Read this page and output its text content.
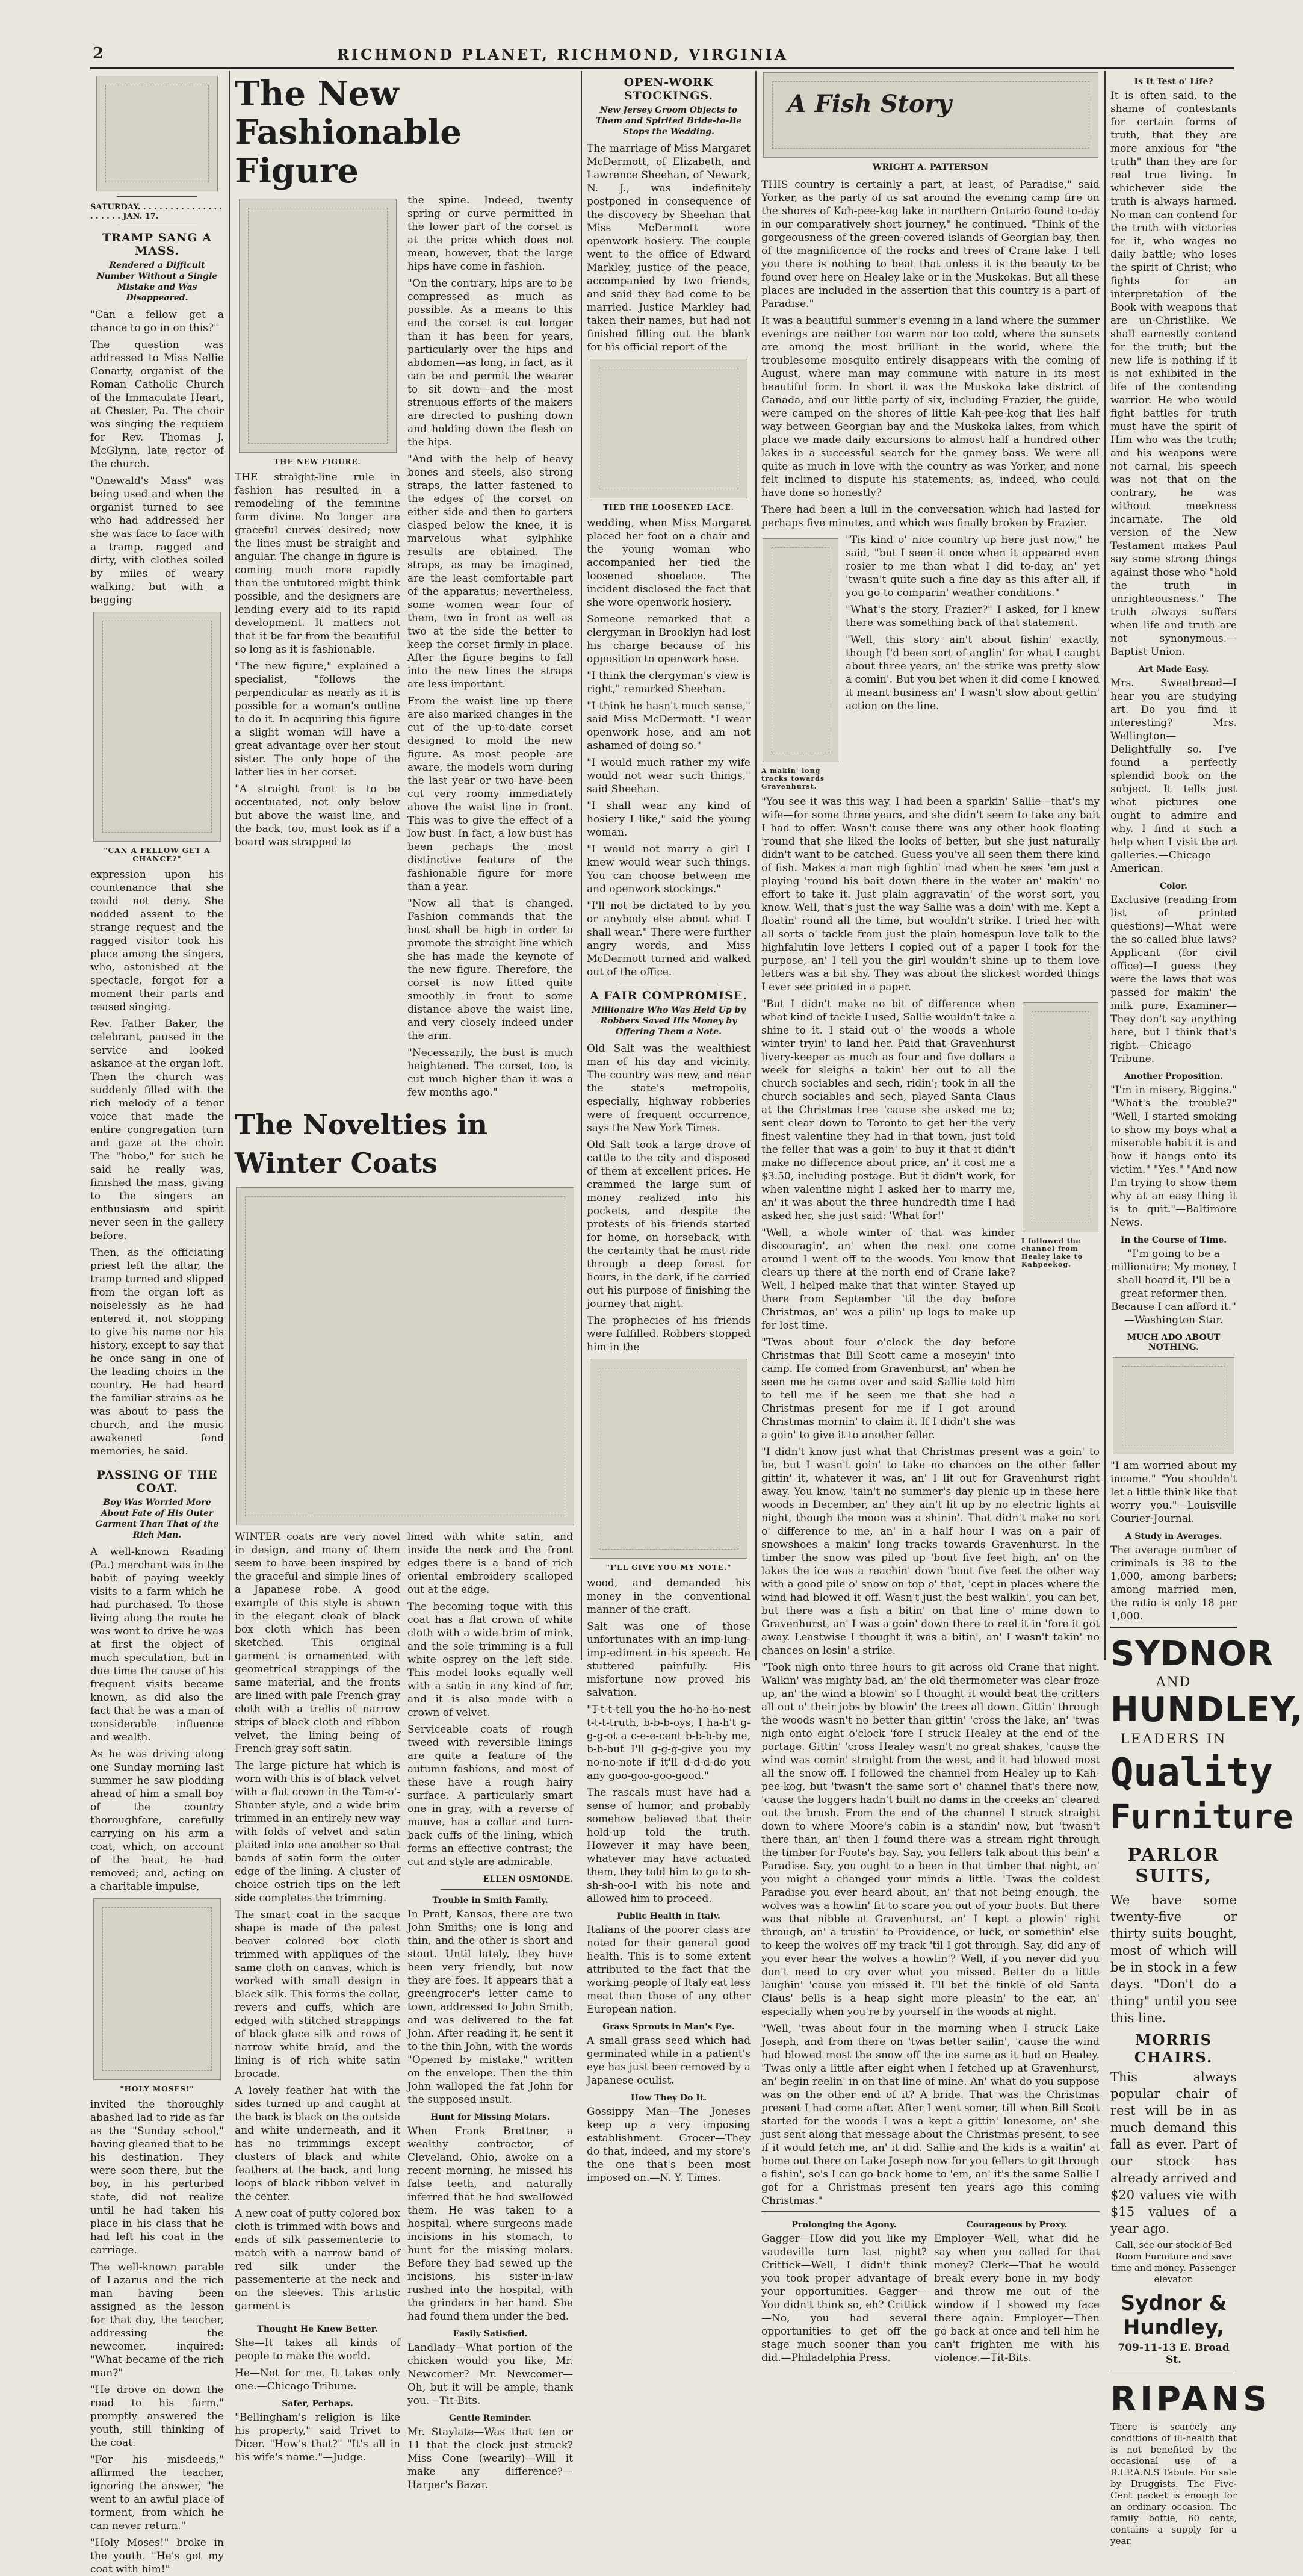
2	RICHMOND PLANET, RICHMOND, VIRGINIA
SATURDAY. . . . . . . . . . . . . . . . . . . . . . JAN. 17.
TRAMP SANG A MASS.
Rendered a Difficult Number Without a Single Mistake and Was Disappeared.

"Can a fellow get a chance to go in on this?"

The question was addressed to Miss Nellie Conarty, organist of the Roman Catholic Church of the Immaculate Heart, at Chester, Pa. The choir was singing the requiem for Rev. Thomas J. McGlynn, late rector of the church.

"Onewald's Mass" was being used and when the organist turned to see who had addressed her she was face to face with a tramp, ragged and dirty, with clothes soiled by miles of weary walking, but with a begging

"CAN A FELLOW GET A CHANCE?"

expression upon his countenance that she could not deny. She nodded assent to the strange request and the ragged visitor took his place among the singers, who, astonished at the spectacle, forgot for a moment their parts and ceased singing.

Rev. Father Baker, the celebrant, paused in the service and looked askance at the organ loft. Then the church was suddenly filled with the rich melody of a tenor voice that made the entire congregation turn and gaze at the choir. The "hobo," for such he said he really was, finished the mass, giving to the singers an enthusiasm and spirit never seen in the gallery before.

Then, as the officiating priest left the altar, the tramp turned and slipped from the organ loft as noiselessly as he had entered it, not stopping to give his name nor his history, except to say that he once sang in one of the leading choirs in the country. He had heard the familiar strains as he was about to pass the church, and the music awakened fond memories, he said.

PASSING OF THE COAT.
Boy Was Worried More About Fate of His Outer Garment Than That of the Rich Man.

A well-known Reading (Pa.) merchant was in the habit of paying weekly visits to a farm which he had purchased. To those living along the route he was wont to drive he was at first the object of much speculation, but in due time the cause of his frequent visits became known, as did also the fact that he was a man of considerable influence and wealth.

As he was driving along one Sunday morning last summer he saw plodding ahead of him a small boy of the country thoroughfare, carefully carrying on his arm a coat, which, on account of the heat, he had removed; and, acting on a charitable impulse,

"HOLY MOSES!"

invited the thoroughly abashed lad to ride as far as the "Sunday school," having gleaned that to be his destination. They were soon there, but the boy, in his perturbed state, did not realize until he had taken his place in his class that he had left his coat in the carriage.

The well-known parable of Lazarus and the rich man having been assigned as the lesson for that day, the teacher, addressing the newcomer, inquired: "What became of the rich man?"

"He drove on down the road to his farm," promptly answered the youth, still thinking of the coat.

"For his misdeeds," affirmed the teacher, ignoring the answer, "he went to an awful place of torment, from which he can never return."

"Holy Moses!" broke in the youth. "He's got my coat with him!"

The New Fashionable Figure
THE NEW FIGURE.

THE straight-line rule in fashion has resulted in a remodeling of the feminine form divine. No longer are graceful curves desired; now the lines must be straight and angular. The change in figure is coming much more rapidly than the untutored might think possible, and the designers are lending every aid to its rapid development. It matters not that it be far from the beautiful so long as it is fashionable.

"The new figure," explained a specialist, "follows the perpendicular as nearly as it is possible for a woman's outline to do it. In acquiring this figure a slight woman will have a great advantage over her stout sister. The only hope of the latter lies in her corset.

"A straight front is to be accentuated, not only below but above the waist line, and the back, too, must look as if a board was strapped to

the spine. Indeed, twenty spring or curve permitted in the lower part of the corset is at the price which does not mean, however, that the large hips have come in fashion.

"On the contrary, hips are to be compressed as much as possible. As a means to this end the corset is cut longer than it has been for years, particularly over the hips and abdomen—as long, in fact, as it can be and permit the wearer to sit down—and the most strenuous efforts of the makers are directed to pushing down and holding down the flesh on the hips.

"And with the help of heavy bones and steels, also strong straps, the latter fastened to the edges of the corset on either side and then to garters clasped below the knee, it is marvelous what sylphlike results are obtained. The straps, as may be imagined, are the least comfortable part of the apparatus; nevertheless, some women wear four of them, two in front as well as two at the side the better to keep the corset firmly in place. After the figure begins to fall into the new lines the straps are less important.

From the waist line up there are also marked changes in the cut of the up-to-date corset designed to mold the new figure. As most people are aware, the models worn during the last year or two have been cut very roomy immediately above the waist line in front. This was to give the effect of a low bust. In fact, a low bust has been perhaps the most distinctive feature of the fashionable figure for more than a year.

"Now all that is changed. Fashion commands that the bust shall be high in order to promote the straight line which she has made the keynote of the new figure. Therefore, the corset is now fitted quite smoothly in front to some distance above the waist line, and very closely indeed under the arm.

"Necessarily, the bust is much heightened. The corset, too, is cut much higher than it was a few months ago."

The Novelties in Winter Coats

WINTER coats are very novel in design, and many of them seem to have been inspired by the graceful and simple lines of a Japanese robe. A good example of this style is shown in the elegant cloak of black box cloth which has been sketched. This original garment is ornamented with geometrical strappings of the same material, and the fronts are lined with pale French gray cloth with a trellis of narrow strips of black cloth and ribbon velvet, the lining being of French gray soft satin.

The large picture hat which is worn with this is of black velvet with a flat crown in the Tam-o'-Shanter style, and a wide brim trimmed in an entirely new way with folds of velvet and satin plaited into one another so that bands of satin form the outer edge of the lining. A cluster of choice ostrich tips on the left side completes the trimming.

The smart coat in the sacque shape is made of the palest beaver colored box cloth trimmed with appliques of the same cloth on canvas, which is worked with small design in black silk. This forms the collar, revers and cuffs, which are edged with stitched strappings of black glace silk and rows of narrow white braid, and the lining is of rich white satin brocade.

A lovely feather hat with the sides turned up and caught at the back is black on the outside and white underneath, and it has no trimmings except clusters of black and white feathers at the back, and long loops of black ribbon velvet in the center.

A new coat of putty colored box cloth is trimmed with bows and ends of silk passementerie to match with a narrow band of red silk under the passementerie at the neck and on the sleeves. This artistic garment is

Thought He Knew Better.

She—It takes all kinds of people to make the world.

He—Not for me. It takes only one.—Chicago Tribune.

Safer, Perhaps.

"Bellingham's religion is like his property," said Trivet to Dicer. "How's that?" "It's all in his wife's name."—Judge.

lined with white satin, and inside the neck and the front edges there is a band of rich oriental embroidery scalloped out at the edge.

The becoming toque with this coat has a flat crown of white cloth with a wide brim of mink, and the sole trimming is a full white osprey on the left side. This model looks equally well with a satin in any kind of fur, and it is also made with a crown of velvet.

Serviceable coats of rough tweed with reversible linings are quite a feature of the autumn fashions, and most of these have a rough hairy surface. A particularly smart one in gray, with a reverse of mauve, has a collar and turn-back cuffs of the lining, which forms an effective contrast; the cut and style are admirable.

ELLEN OSMONDE.
Trouble in Smith Family.

In Pratt, Kansas, there are two John Smiths; one is long and thin, and the other is short and stout. Until lately, they have been very friendly, but now they are foes. It appears that a greengrocer's letter came to town, addressed to John Smith, and was delivered to the fat John. After reading it, he sent it to the thin John, with the words "Opened by mistake," written on the envelope. Then the thin John walloped the fat John for the supposed insult.

Hunt for Missing Molars.

When Frank Brettner, a wealthy contractor, of Cleveland, Ohio, awoke on a recent morning, he missed his false teeth, and naturally inferred that he had swallowed them. He was taken to a hospital, where surgeons made incisions in his stomach, to hunt for the missing molars. Before they had sewed up the incisions, his sister-in-law rushed into the hospital, with the grinders in her hand. She had found them under the bed.

Easily Satisfied.

Landlady—What portion of the chicken would you like, Mr. Newcomer? Mr. Newcomer—Oh, but it will be ample, thank you.—Tit-Bits.

Gentle Reminder.

Mr. Staylate—Was that ten or 11 that the clock just struck? Miss Cone (wearily)—Will it make any difference?—Harper's Bazar.

OPEN-WORK STOCKINGS.
New Jersey Groom Objects to Them and Spirited Bride-to-Be Stops the Wedding.

The marriage of Miss Margaret McDermott, of Elizabeth, and Lawrence Sheehan, of Newark, N. J., was indefinitely postponed in consequence of the discovery by Sheehan that Miss McDermott wore openwork hosiery. The couple went to the office of Edward Markley, justice of the peace, accompanied by two friends, and said they had come to be married. Justice Markley had taken their names, but had not finished filling out the blank for his official report of the

TIED THE LOOSENED LACE.

wedding, when Miss Margaret placed her foot on a chair and the young woman who accompanied her tied the loosened shoelace. The incident disclosed the fact that she wore openwork hosiery.

Someone remarked that a clergyman in Brooklyn had lost his charge because of his opposition to openwork hose.

"I think the clergyman's view is right," remarked Sheehan.

"I think he hasn't much sense," said Miss McDermott. "I wear openwork hose, and am not ashamed of doing so."

"I would much rather my wife would not wear such things," said Sheehan.

"I shall wear any kind of hosiery I like," said the young woman.

"I would not marry a girl I knew would wear such things. You can choose between me and openwork stockings."

"I'll not be dictated to by you or anybody else about what I shall wear." There were further angry words, and Miss McDermott turned and walked out of the office.

A FAIR COMPROMISE.
Millionaire Who Was Held Up by Robbers Saved His Money by Offering Them a Note.

Old Salt was the wealthiest man of his day and vicinity. The country was new, and near the state's metropolis, especially, highway robberies were of frequent occurrence, says the New York Times.

Old Salt took a large drove of cattle to the city and disposed of them at excellent prices. He crammed the large sum of money realized into his pockets, and despite the protests of his friends started for home, on horseback, with the certainty that he must ride through a deep forest for hours, in the dark, if he carried out his purpose of finishing the journey that night.

The prophecies of his friends were fulfilled. Robbers stopped him in the

"I'LL GIVE YOU MY NOTE."

wood, and demanded his money in the conventional manner of the craft.

Salt was one of those unfortunates with an imp-lung-imp-ediment in his speech. He stuttered painfully. His misfortune now proved his salvation.

"T-t-t-tell you the ho-ho-ho-nest t-t-t-truth, b-b-b-oys, I ha-h't g-g-g-ot a c-e-e-cent b-b-b-by me, b-b-but I'll g-g-g-give you my no-no-note if it'll d-d-d-do you any goo-goo-goo-good."

The rascals must have had a sense of humor, and probably somehow believed that their hold-up told the truth. However it may have been, whatever may have actuated them, they told him to go to sh-sh-sh-oo-l with his note and allowed him to proceed.

Public Health in Italy.

Italians of the poorer class are noted for their general good health. This is to some extent attributed to the fact that the working people of Italy eat less meat than those of any other European nation.

Grass Sprouts in Man's Eye.

A small grass seed which had germinated while in a patient's eye has just been removed by a Japanese oculist.

How They Do It.

Gossippy Man—The Joneses keep up a very imposing establishment. Grocer—They do that, indeed, and my store's the one that's been most imposed on.—N. Y. Times.

A Fish Story
WRIGHT A. PATTERSON

THIS country is certainly a part, at least, of Paradise," said Yorker, as the party of us sat around the evening camp fire on the shores of Kah-pee-kog lake in northern Ontario found to-day in our comparatively short journey," he continued. "Think of the gorgeousness of the green-covered islands of Georgian bay, then of the magnificence of the rocks and trees of Crane lake. I tell you there is nothing to beat that unless it is the beauty to be found over here on Healey lake or in the Muskokas. But all these places are included in the assertion that this country is a part of Paradise."

It was a beautiful summer's evening in a land where the summer evenings are neither too warm nor too cold, where the sunsets are among the most brilliant in the world, where the troublesome mosquito entirely disappears with the coming of August, where man may commune with nature in its most beautiful form. In short it was the Muskoka lake district of Canada, and our little party of six, including Frazier, the guide, were camped on the shores of little Kah-pee-kog that lies half way between Georgian bay and the Muskoka lakes, from which place we made daily excursions to almost half a hundred other lakes in a successful search for the gamey bass. We were all quite as much in love with the country as was Yorker, and none felt inclined to dispute his statements, as, indeed, who could have done so honestly?

There had been a lull in the conversation which had lasted for perhaps five minutes, and which was finally broken by Frazier.

A makin' long tracks towards Gravenhurst.

"Tis kind o' nice country up here just now," he said, "but I seen it once when it appeared even rosier to me than what I did to-day, an' yet 'twasn't quite such a fine day as this after all, if you go to comparin' weather conditions."

"What's the story, Frazier?" I asked, for I knew there was something back of that statement.

"Well, this story ain't about fishin' exactly, though I'd been sort of anglin' for what I caught about three years, an' the strike was pretty slow a comin'. But you bet when it did come I knowed it meant business an' I wasn't slow about gettin' action on the line.

"You see it was this way. I had been a sparkin' Sallie—that's my wife—for some three years, and she didn't seem to take any bait I had to offer. Wasn't cause there was any other hook floating 'round that she liked the looks of better, but she just naturally didn't want to be catched. Guess you've all seen them there kind of fish. Makes a man nigh fightin' mad when he sees 'em just a playing 'round his bait down there in the water an' makin' no effort to take it. Just plain aggravatin' of the worst sort, you know. Well, that's just the way Sallie was a doin' with me. Kept a floatin' round all the time, but wouldn't strike. I tried her with all sorts o' tackle from just the plain homespun love talk to the highfalutin love letters I copied out of a paper I took for the purpose, an' I tell you the girl wouldn't shine up to them love letters was a bit shy. They was about the slickest worded things I ever see printed in a paper.

"But I didn't make no bit of difference when what kind of tackle I used, Sallie wouldn't take a shine to it. I staid out o' the woods a whole winter tryin' to land her. Paid that Gravenhurst livery-keeper as much as four and five dollars a week for sleighs a takin' her out to all the church sociables and sech, ridin'; took in all the church sociables and sech, played Santa Claus at the Christmas tree 'cause she asked me to; sent clear down to Toronto to get her the very finest valentine they had in that town, just told the feller that was a goin' to buy it that it didn't make no difference about price, an' it cost me a $3.50, including postage. But it didn't work, for when valentine night I asked her to marry me, an' it was about the three hundredth time I had asked her, she just said: 'What for!'

"Well, a whole winter of that was kinder discouragin', an' when the next one come around I went off to the woods. You know that clears up there at the north end of Crane lake? Well, I helped make that that winter. Stayed up there from September 'til the day before Christmas, an' was a pilin' up logs to make up for lost time.

"Twas about four o'clock the day before Christmas that Bill Scott came a moseyin' into camp. He comed from Gravenhurst, an' when he seen me he came over and said Sallie told him to tell me if he seen me that she had a Christmas present for me if I got around Christmas mornin' to claim it. If I didn't she was a goin' to give it to another feller.

I followed the channel from Healey lake to Kahpeekog.

"I didn't know just what that Christmas present was a goin' to be, but I wasn't goin' to take no chances on the other feller gittin' it, whatever it was, an' I lit out for Gravenhurst right away. You know, 'tain't no summer's day plenic up in these here woods in December, an' they ain't lit up by no electric lights at night, though the moon was a shinin'. That didn't make no sort o' difference to me, an' in a half hour I was on a pair of snowshoes a makin' long tracks towards Gravenhurst. In the timber the snow was piled up 'bout five feet high, an' on the lakes the ice was a reachin' down 'bout five feet the other way with a good pile o' snow on top o' that, 'cept in places where the wind had blowed it off. Wasn't just the best walkin', you can bet, but there was a fish a bitin' on that line o' mine down to Gravenhurst, an' I was a goin' down there to reel it in 'fore it got away. Leastwise I thought it was a bitin', an' I wasn't takin' no chances on losin' a strike.

"Took nigh onto three hours to git across old Crane that night. Walkin' was mighty bad, an' the old thermometer was clear froze up, an' the wind a blowin' so I thought it would beat the critters all out o' their jobs by blowin' the trees all down. Gittin' through the woods wasn't no better than gittin' 'cross the lake, an' 'twas nigh onto eight o'clock 'fore I struck Healey at the end of the portage. Gittin' 'cross Healey wasn't no great shakes, 'cause the wind was comin' straight from the west, and it had blowed most all the snow off. I followed the channel from Healey up to Kah-pee-kog, but 'twasn't the same sort o' channel that's there now, 'cause the loggers hadn't built no dams in the creeks an' cleared out the brush. From the end of the channel I struck straight down to where Moore's cabin is a standin' now, but 'twasn't there than, an' then I found there was a stream right through the timber for Foote's bay. Say, you fellers talk about this bein' a Paradise. Say, you ought to a been in that timber that night, an' you might a changed your minds a little. 'Twas the coldest Paradise you ever heard about, an' that not being enough, the wolves was a howlin' fit to scare you out of your boots. But there was that nibble at Gravenhurst, an' I kept a plowin' right through, an' a trustin' to Providence, or luck, or somethin' else to keep the wolves off my track 'til I got through. Say, did any of you ever hear the wolves a howlin'? Well, if you never did you don't need to cry over what you missed. Better do a little laughin' 'cause you missed it. I'll bet the tinkle of old Santa Claus' bells is a heap sight more pleasin' to the ear, an' especially when you're by yourself in the woods at night.

"Well, 'twas about four in the morning when I struck Lake Joseph, and from there on 'twas better sailin', 'cause the wind had blowed most the snow off the ice same as it had on Healey. 'Twas only a little after eight when I fetched up at Gravenhurst, an' begin reelin' in on that line of mine. An' what do you suppose was on the other end of it? A bride. That was the Christmas present I had come after. After I went somer, till when Bill Scott started for the woods I was a kept a gittin' lonesome, an' she just sent along that message about the Christmas present, to see if it would fetch me, an' it did. Sallie and the kids is a waitin' at home out there on Lake Joseph now for you fellers to git through a fishin', so's I can go back home to 'em, an' it's the same Sallie I got for a Christmas present ten years ago this coming Christmas."

Prolonging the Agony.

Gagger—How did you like my vaudeville turn last night? Crittick—Well, I didn't think you took proper advantage of your opportunities. Gagger—You didn't think so, eh? Crittick—No, you had several opportunities to get off the stage much sooner than you did.—Philadelphia Press.

Courageous by Proxy.

Employer—Well, what did he say when you called for that money? Clerk—That he would break every bone in my body and throw me out of the window if I showed my face there again. Employer—Then go back at once and tell him he can't frighten me with his violence.—Tit-Bits.

Is It Test o' Life?

It is often said, to the shame of contestants for certain forms of truth, that they are more anxious for "the truth" than they are for real true living. In whichever side the truth is always harmed. No man can contend for the truth with victories for it, who wages no daily battle; who loses the spirit of Christ; who fights for an interpretation of the Book with weapons that are un-Christlike. We shall earnestly contend for the truth; but the new life is nothing if it is not exhibited in the life of the contending warrior. He who would fight battles for truth must have the spirit of Him who was the truth; and his weapons were not carnal, his speech was not that on the contrary, he was without meekness incarnate. The old version of the New Testament makes Paul say some strong things against those who "hold the truth in unrighteousness." The truth always suffers when life and truth are not synonymous.—Baptist Union.

Art Made Easy.

Mrs. Sweetbread—I hear you are studying art. Do you find it interesting? Mrs. Wellington—Delightfully so. I've found a perfectly splendid book on the subject. It tells just what pictures one ought to admire and why. I find it such a help when I visit the art galleries.—Chicago American.

Color.

Exclusive (reading from list of printed questions)—What were the so-called blue laws? Applicant (for civil office)—I guess they were the laws that was passed for makin' the milk pure. Examiner—They don't say anything here, but I think that's right.—Chicago Tribune.

Another Proposition.

"I'm in misery, Biggins." "What's the trouble?" "Well, I started smoking to show my boys what a miserable habit it is and how it hangs onto its victim." "Yes." "And now I'm trying to show them why at an easy thing it is to quit."—Baltimore News.

In the Course of Time.

"I'm going to be a millionaire; My money, I shall hoard it, I'll be a great reformer then, Because I can afford it." —Washington Star.

MUCH ADO ABOUT NOTHING.

"I am worried about my income." "You shouldn't let a little think like that worry you."—Louisville Courier-Journal.

A Study in Averages.

The average number of criminals is 38 to the 1,000, among barbers; among married men, the ratio is only 18 per 1,000.

SYDNOR
AND
HUNDLEY,
LEADERS IN
Quality
Furniture
PARLOR SUITS,

We have some twenty-five or thirty suits bought, most of which will be in stock in a few days. "Don't do a thing" until you see this line.

MORRIS CHAIRS.

This always popular chair of rest will be in as much demand this fall as ever. Part of our stock has already arrived and $20 values vie with $15 values of a year ago.

Call, see our stock of Bed Room Furniture and save time and money. Passenger elevator.

Sydnor & Hundley,
709-11-13 E. Broad St.
RIPANS

There is scarcely any conditions of ill-health that is not benefited by the occasional use of a R.I.P.A.N.S Tabule. For sale by Druggists. The Five-Cent packet is enough for an ordinary occasion. The family bottle, 60 cents, contains a supply for a year.
